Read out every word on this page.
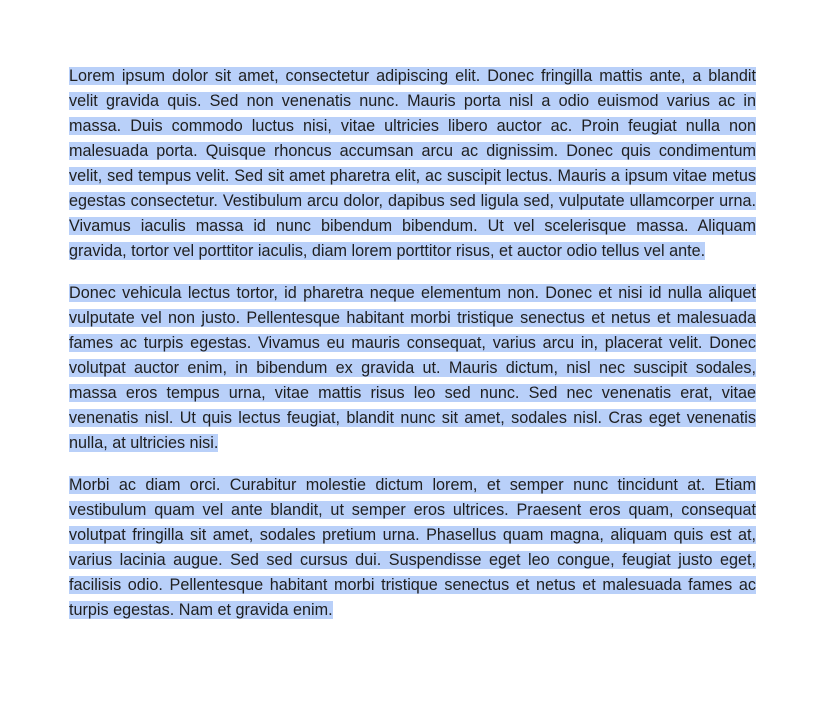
Lorem ipsum dolor sit amet, consectetur adipiscing elit. Donec fringilla mattis ante, a blandit velit gravida quis. Sed non venenatis nunc. Mauris porta nisl a odio euismod varius ac in massa. Duis commodo luctus nisi, vitae ultricies libero auctor ac. Proin feugiat nulla non malesuada porta. Quisque rhoncus accumsan arcu ac dignissim. Donec quis condimentum velit, sed tempus velit. Sed sit amet pharetra elit, ac suscipit lectus. Mauris a ipsum vitae metus egestas consectetur. Vestibulum arcu dolor, dapibus sed ligula sed, vulputate ullamcorper urna. Vivamus iaculis massa id nunc bibendum bibendum. Ut vel scelerisque massa. Aliquam gravida, tortor vel porttitor iaculis, diam lorem porttitor risus, et auctor odio tellus vel ante.

Donec vehicula lectus tortor, id pharetra neque elementum non. Donec et nisi id nulla aliquet vulputate vel non justo. Pellentesque habitant morbi tristique senectus et netus et malesuada fames ac turpis egestas. Vivamus eu mauris consequat, varius arcu in, placerat velit. Donec volutpat auctor enim, in bibendum ex gravida ut. Mauris dictum, nisl nec suscipit sodales, massa eros tempus urna, vitae mattis risus leo sed nunc. Sed nec venenatis erat, vitae venenatis nisl. Ut quis lectus feugiat, blandit nunc sit amet, sodales nisl. Cras eget venenatis nulla, at ultricies nisi.

Morbi ac diam orci. Curabitur molestie dictum lorem, et semper nunc tincidunt at. Etiam vestibulum quam vel ante blandit, ut semper eros ultrices. Praesent eros quam, consequat volutpat fringilla sit amet, sodales pretium urna. Phasellus quam magna, aliquam quis est at, varius lacinia augue. Sed sed cursus dui. Suspendisse eget leo congue, feugiat justo eget, facilisis odio. Pellentesque habitant morbi tristique senectus et netus et malesuada fames ac turpis egestas. Nam et gravida enim.
